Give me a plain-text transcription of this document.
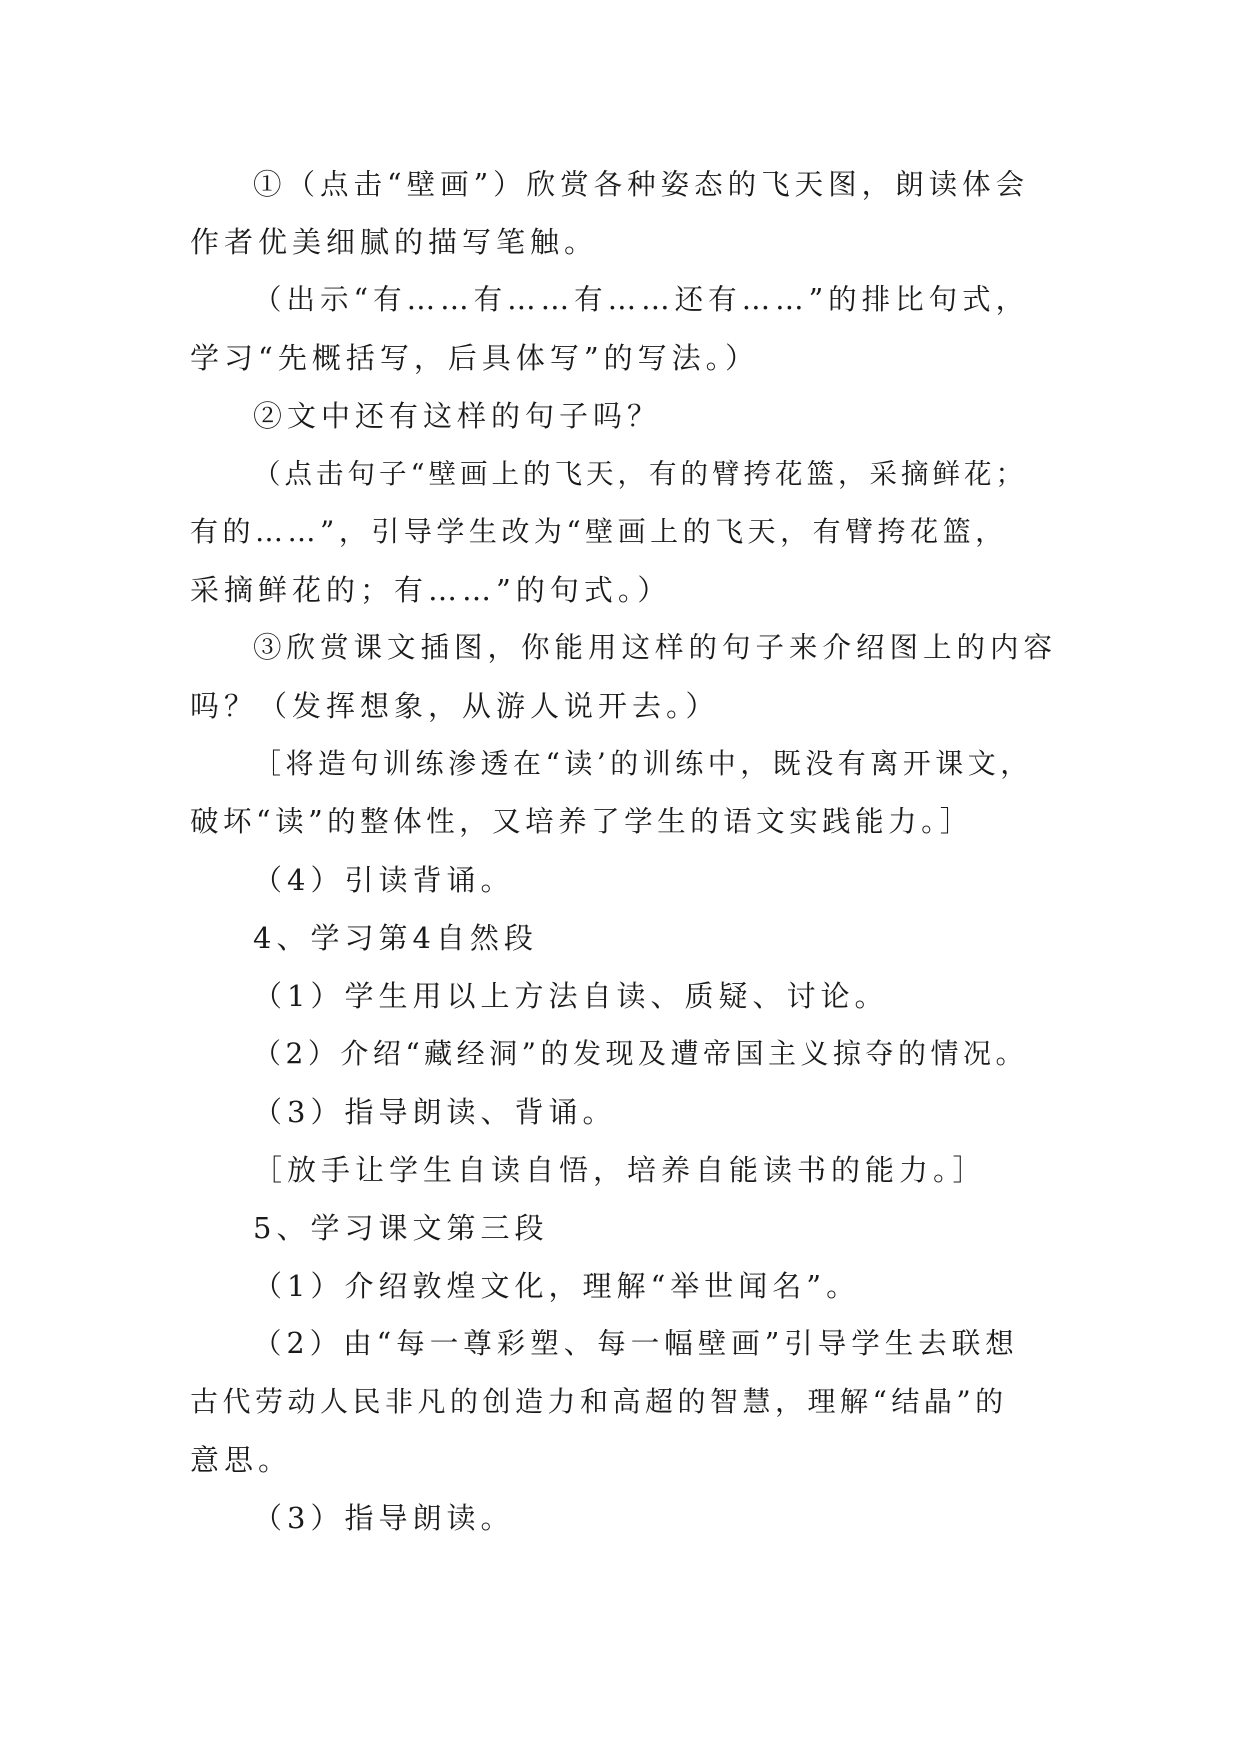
①（点击“壁画”）欣赏各种姿态的飞天图，朗读体会
作者优美细腻的描写笔触。
（出示“有……有……有……还有……”的排比句式，
学习“先概括写，后具体写”的写法。）
②文中还有这样的句子吗？
（点击句子“壁画上的飞天，有的臂挎花篮，采摘鲜花；
有的……”，引导学生改为“壁画上的飞天，有臂挎花篮，
采摘鲜花的；有……”的句式。）
③欣赏课文插图，你能用这样的句子来介绍图上的内容
吗？（发挥想象，从游人说开去。）
［将造句训练渗透在“读’的训练中，既没有离开课文，
破坏“读”的整体性，又培养了学生的语文实践能力。］
（4）引读背诵。
4、学习第4自然段
（1）学生用以上方法自读、质疑、讨论。
（2）介绍“藏经洞”的发现及遭帝国主义掠夺的情况。
（3）指导朗读、背诵。
［放手让学生自读自悟，培养自能读书的能力。］
5、学习课文第三段
（1）介绍敦煌文化，理解“举世闻名”。
（2）由“每一尊彩塑、每一幅壁画”引导学生去联想
古代劳动人民非凡的创造力和高超的智慧，理解“结晶”的
意思。
（3）指导朗读。
